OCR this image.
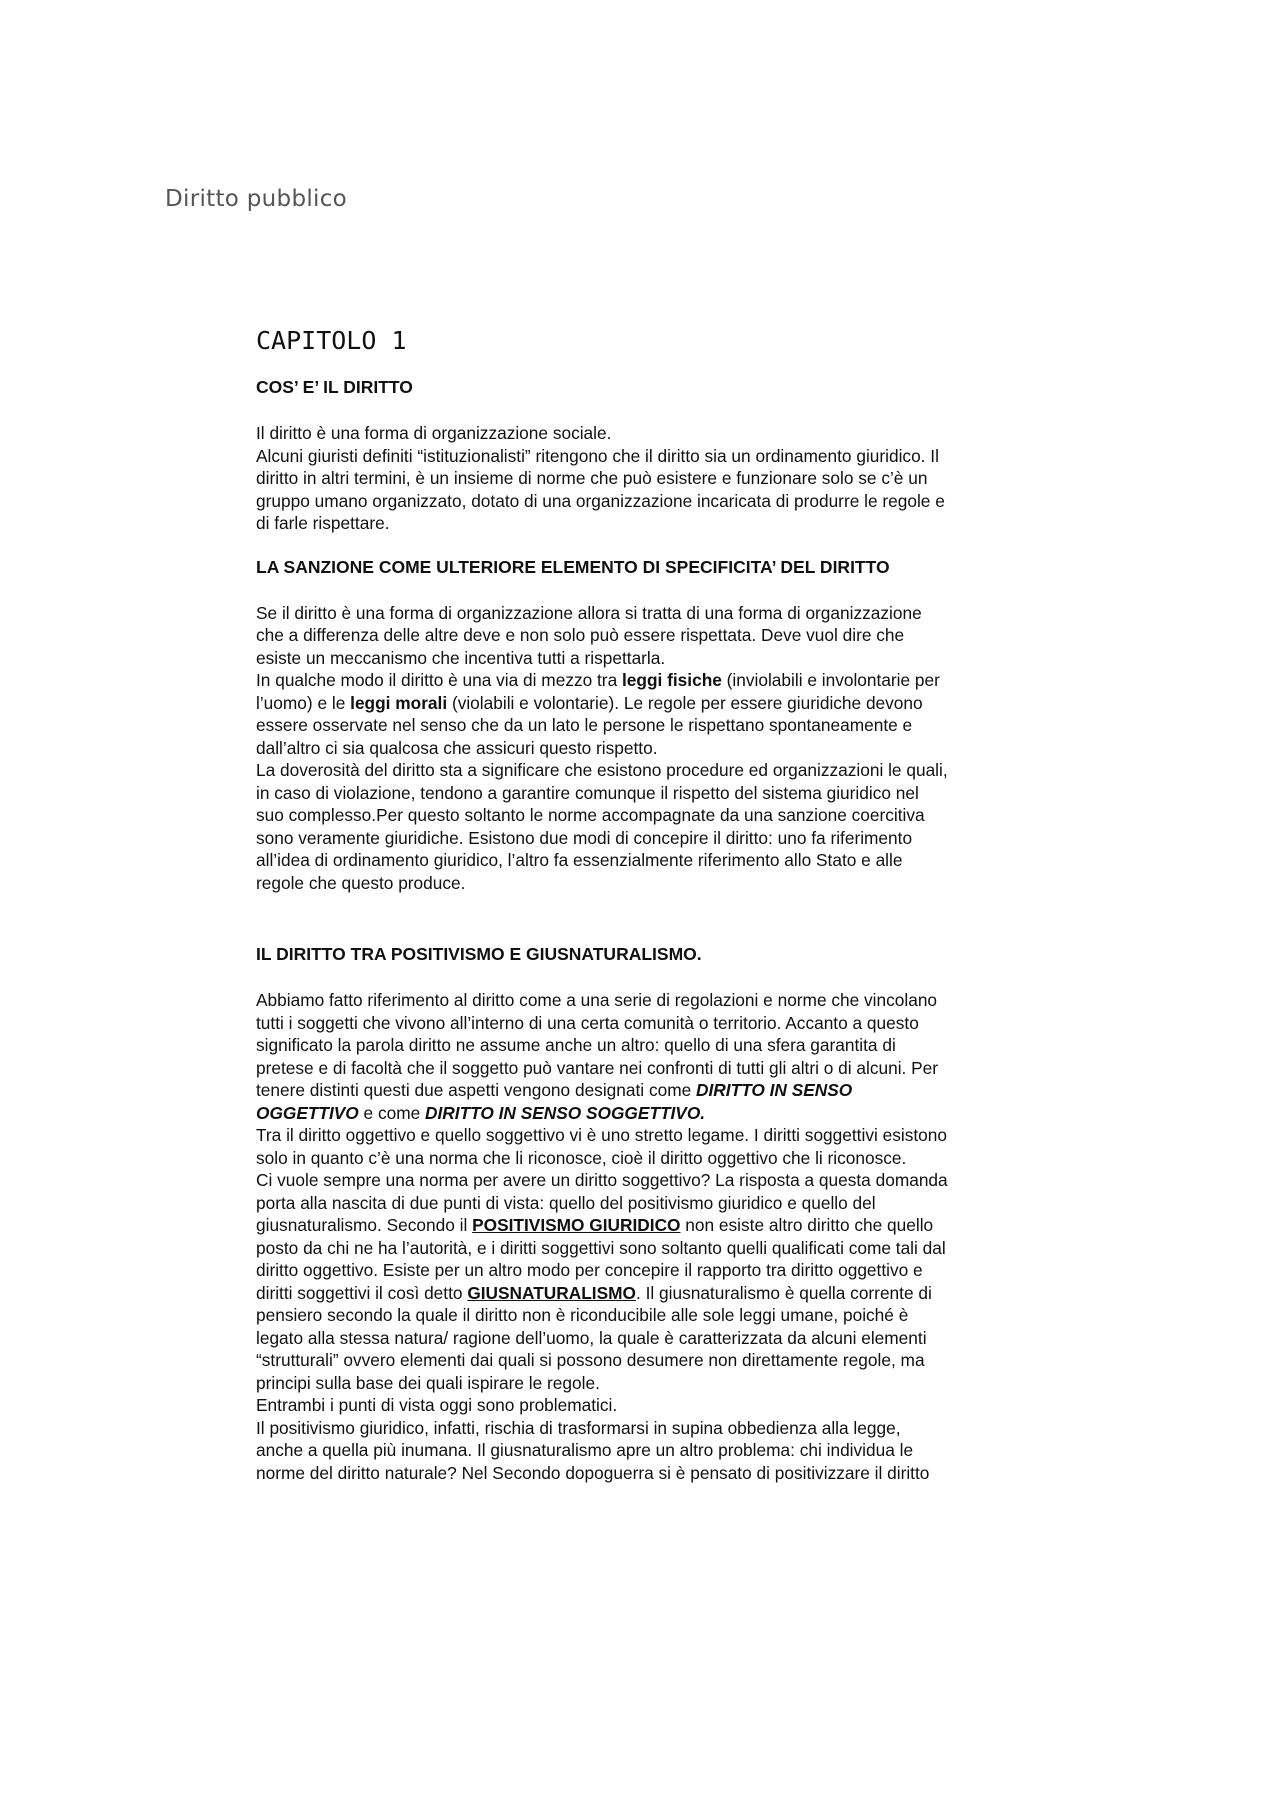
Diritto pubblico
CAPITOLO 1
COS’ E’ IL DIRITTO
Il diritto è una forma di organizzazione sociale.
Alcuni giuristi definiti “istituzionalisti” ritengono che il diritto sia un ordinamento giuridico. Il
diritto in altri termini, è un insieme di norme che può esistere e funzionare solo se c’è un
gruppo umano organizzato, dotato di una organizzazione incaricata di produrre le regole e
di farle rispettare.
LA SANZIONE COME ULTERIORE ELEMENTO DI SPECIFICITA’ DEL DIRITTO
Se il diritto è una forma di organizzazione allora si tratta di una forma di organizzazione
che a differenza delle altre deve e non solo può essere rispettata. Deve vuol dire che
esiste un meccanismo che incentiva tutti a rispettarla.
In qualche modo il diritto è una via di mezzo tra leggi fisiche (inviolabili e involontarie per
l’uomo) e le leggi morali (violabili e volontarie). Le regole per essere giuridiche devono
essere osservate nel senso che da un lato le persone le rispettano spontaneamente e
dall’altro ci sia qualcosa che assicuri questo rispetto.
La doverosità del diritto sta a significare che esistono procedure ed organizzazioni le quali,
in caso di violazione, tendono a garantire comunque il rispetto del sistema giuridico nel
suo complesso.Per questo soltanto le norme accompagnate da una sanzione coercitiva
sono veramente giuridiche. Esistono due modi di concepire il diritto: uno fa riferimento
all’idea di ordinamento giuridico, l’altro fa essenzialmente riferimento allo Stato e alle
regole che questo produce.
IL DIRITTO TRA POSITIVISMO E GIUSNATURALISMO.
Abbiamo fatto riferimento al diritto come a una serie di regolazioni e norme che vincolano
tutti i soggetti che vivono all’interno di una certa comunità o territorio. Accanto a questo
significato la parola diritto ne assume anche un altro: quello di una sfera garantita di
pretese e di facoltà che il soggetto può vantare nei confronti di tutti gli altri o di alcuni. Per
tenere distinti questi due aspetti vengono designati come DIRITTO IN SENSO
OGGETTIVO e come DIRITTO IN SENSO SOGGETTIVO.
Tra il diritto oggettivo e quello soggettivo vi è uno stretto legame. I diritti soggettivi esistono
solo in quanto c’è una norma che li riconosce, cioè il diritto oggettivo che li riconosce.
Ci vuole sempre una norma per avere un diritto soggettivo? La risposta a questa domanda
porta alla nascita di due punti di vista: quello del positivismo giuridico e quello del
giusnaturalismo. Secondo il POSITIVISMO GIURIDICO non esiste altro diritto che quello
posto da chi ne ha l’autorità, e i diritti soggettivi sono soltanto quelli qualificati come tali dal
diritto oggettivo. Esiste per un altro modo per concepire il rapporto tra diritto oggettivo e
diritti soggettivi il così detto GIUSNATURALISMO. Il giusnaturalismo è quella corrente di
pensiero secondo la quale il diritto non è riconducibile alle sole leggi umane, poiché è
legato alla stessa natura/ ragione dell’uomo, la quale è caratterizzata da alcuni elementi
“strutturali” ovvero elementi dai quali si possono desumere non direttamente regole, ma
principi sulla base dei quali ispirare le regole.
Entrambi i punti di vista oggi sono problematici.
Il positivismo giuridico, infatti, rischia di trasformarsi in supina obbedienza alla legge,
anche a quella più inumana. Il giusnaturalismo apre un altro problema: chi individua le
norme del diritto naturale? Nel Secondo dopoguerra si è pensato di positivizzare il diritto
